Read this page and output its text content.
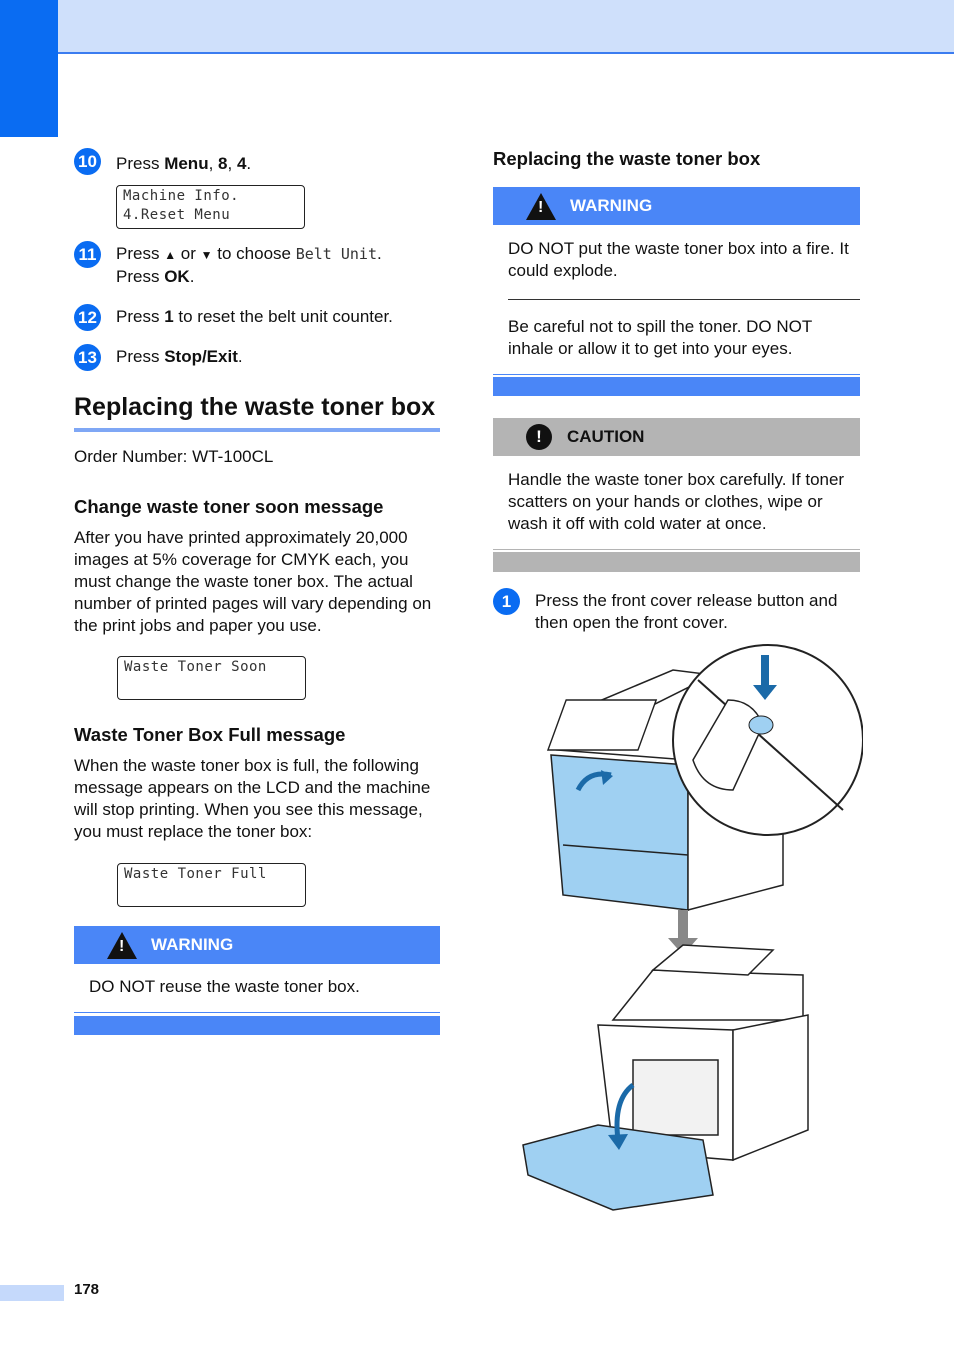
10 Press Menu, 8, 4.
Machine Info.
4.Reset Menu
11 Press ▲ or ▼ to choose Belt Unit.
Press OK.
12 Press 1 to reset the belt unit counter.
13 Press Stop/Exit.
Replacing the waste toner box

Order Number: WT-100CL

Change waste toner soon message

After you have printed approximately 20,000 images at 5% coverage for CMYK each, you must change the waste toner box. The actual number of printed pages will vary depending on the print jobs and paper you use.

Waste Toner Soon
Waste Toner Box Full message

When the waste toner box is full, the following message appears on the LCD and the machine will stop printing. When you see this message, you must replace the toner box:

Waste Toner Full
!
WARNING

DO NOT reuse the waste toner box.

Replacing the waste toner box
!
WARNING

DO NOT put the waste toner box into a fire. It could explode.

Be careful not to spill the toner. DO NOT inhale or allow it to get into your eyes.

!	CAUTION

Handle the waste toner box carefully. If toner scatters on your hands or clothes, wipe or wash it off with cold water at once.

1	Press the front cover release button and then open the front cover.

178
